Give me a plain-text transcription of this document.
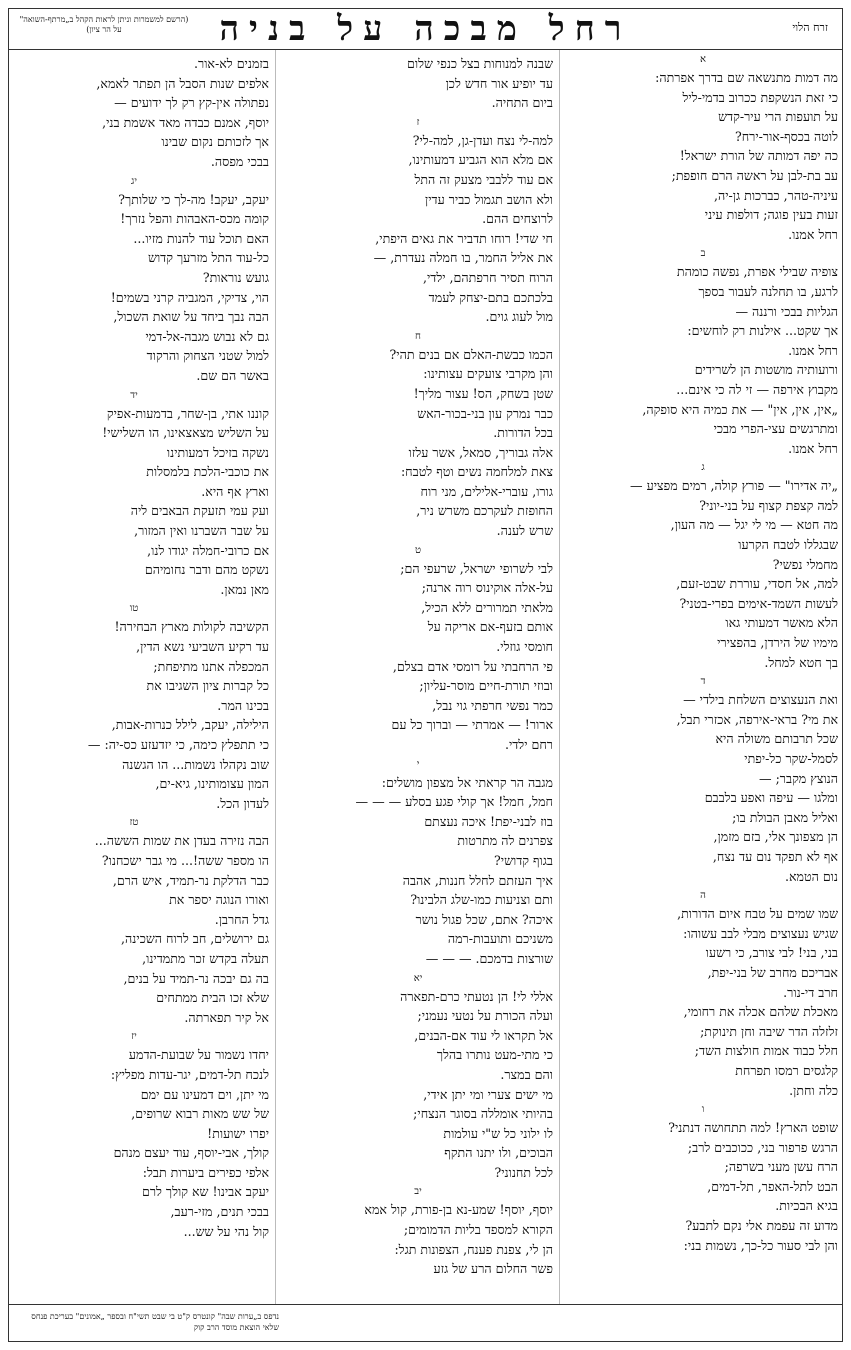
זרח הלוי
רחל מבכה על בניה
(הרשם למשמרות וניתן לראות הקהל ב„מרתף-השואה" על הר ציון)
א
מה דמות מתנשאה שם בדרך אפרתה:
כי זאת הנשקפת ככרוב בדמי-ליל
על תועפות הרי עיר-קדש
לוטה בכסף-אור-ירח?
כה יפה דמותה של הורת ישראל!
עב בת-לבן על ראשה הרם חופפת;
עיניה-טהר, כברכות גן-יה,
זעות בעין פוגה; דולפות עיני
רחל אמנו.
ב
צופיה שבילי אפרת, נפשה כומהת
לרגע, בו תחלנה לעבור בספך
הגליות בבכי ורננה —
אך שקט... אילנות רק לוחשים:
רחל אמנו.
ורועותיה מושטות הן לשרידים
מקבוץ אירפה — זי לה כי אינם...
„אין, אין, אין" — את כמיה היא סופקה,
ומתרגשים עצי-הפרי מבכי
רחל אמנו.
ג
„יה אדירו" — פורץ קולה, רמים מפציע —
למה קצפת קצוף על בני-יוני?
מה חטא — מי לי יגל — מה העון,
שבגללו לטבח הקרעו
מחמלי נפשי?
למה, אל חסדי, עוררת שבט-זעם,
לעשות השמד-אימים בפרי-בטני?
הלא מאשר דמעותי גאו
מימיו של הירדן, בהפצירי
בך חטא למחל.
ד
ואת הנעצוצים השלחת בילדי —
את מי? בראי-אירפה, אכזרי תבל,
שכל תרבותם משולה היא
לסמל-שקר כל-יפתי
הנוצץ מקבר; —
ומלגו — עיפה ואפע בלבבם
ואליל מאבן הבולת בו;
הן מצפונך אלי, בזם מזמן,
אף לא תפקד נום עד נצח,
נום הטמא.
ה
שמו שמים על טבח איום הדורות,
שגיש נעצוצים מבלי לבב עשוהו:
בני, בני! לבי צורב, כי רשעו
אבריכם מחרב של בני-יפת,
חרב די-נור.
מאכלת שלהם אכלה את רחומי,
זלזלה הדר שיבה וחן תינוקת;
חלל כבוד אמות חולצות השד;
קלגסים רמסו תפרחת
כלה וחתן.
ו
שופט הארץ! למה תתחושה דנתני?
הרגש פרפור בני, ככוכבים לרב;
הרח עשן מעני בשרפה;
הבט לתל-האפר, תל-דמים,
בגיא הבכיות.
מדוע זה עפמת אלי נקם לתבע?
והן לבי סעור כל-כך, נשמות בני:
שבנה למנוחות בצל כנפי שלום
עד יופיע אור חדש לכן
ביום התחיה.
ז
למה-לי נצח ועדן-גן, למה-לי?
אם מלא הוא הגביע דמעותינו,
אם עוד ללבבי מצעק זה התל
ולא הושב תגמול כביר עדין
לרוצחים ההם.
חי שדי! רוחו תדביר את גאים היפתי,
את אליל החמר, בו חמלה נעדרת, —
הרוח תסיר חרפתהם, ילדי,
בלכתכם בתם-יצחק לעמד
מול לעוג גוים.
ח
הכמו כבשת-האלם אם בנים תהי?
והן מקרבי צועקים עצותינו:
שטן בשחק, הס! עצור מליך!
כבר נמרק עון בני-בכור-האש
בכל הדורות.
אלה גבוריך, סמאל, אשר עלזו
צאת למלחמה נשים וטף לטבח:
גורו, עוברי-אלילים, מני רוח
החופזת לעקרכם משרש ניר,
שרש לענה.
ט
לבי לשרופי ישראל, שרעפי הם;
על-אלה אוקינוס רוה ארנה;
מלאתי תמרורים ללא הכיל,
אותם בזעף-אם אריקה על
חומסי גוזלי.
פי הרחבתי על רומסי אדם בצלם,
ובוזי תורת-חיים מוסר-עליון;
כמר נפשי חרפתי גוי נבל,
ארור! — אמרתי — וברוך כל עם
רחם ילדי.
י
מגבה הר קראתי אל מצפון מושלים:
חמל, חמל! אך קולי פגע בסלע — — —
בוז לבני-יפת! איכה נעצתם
צפרנים לה מתרטות
בגוף קדושי?
איך העזתם לחלל חננות, אהבה
ותם וצניעות כמו-שלג הלבינו?
איכה? אתם, שכל פגול נושר
משניכם ותועבות-רמה
שורצות בדמכם. — — —
יא
אללי לי! הן נטעתי כרם-תפארה
ועלה הכורת על נטעי נעמני;
אל תקראו לי עוד אם-הבנים,
כי מתי-מעט נותרו בהלך
והם במצר.
מי ישים צערי ומי יתן אידי,
בהיותי אומללה בסוגר הנצחי;
לו ילוני כל ש"י עולמות
הבוכים, ולו יתנו התקף
לכל תחנוני?
יב
יוסף, יוסף! שמע-נא בן-פורת, קול אמא
הקורא למספד בליות הדמומים;
הן לי, צפנת פענח, הצפונות תגל:
פשר החלום הרע של גזע
בזמנים לא-אור.
אלפים שנות הסבל הן תפתר לאמא,
נפתולה אין-קץ רק לך ידועים —
יוסף, אמנם כבדה מאד אשמת בני,
אך לזכותם נקום שבינו
בבכי מפסה.
יג
יעקב, יעקב! מה-לך כי שלותך?
קומה מכס-האבהות והפל נזרך!
האם תוכל עוד להנות מזיו...
כל-עוד התל מזרעך קדוש
גועש נוראות?
הוי, צדיקי, המגביה קרני בשמים!
הבה נבך ביחד על שואת השכול,
גם לא נבוש מגבה-אל-דמי
למול שטני הצחוק והרקוד
באשר הם שם.
יד
קוננו אתי, בן-שחר, בדמעות-אפיק
על השליש מצאצאינו, הו השלישי!
נשקה בזיכל דמעותינו
את כוכבי-הלכת בלמסלות
וארץ אף היא.
ועק עמי תזעקת הבאבים ליה
על שבר השברנו ואין המזור,
אם כרובי-חמלה יגודו לנו,
נשקט מהם ודבר נחומיהם
מאן נמאן.
טו
הקשיבה לקולות מארץ הבחירה!
עד רקיע השביעי נשא הדין,
המכפלה אתנו מתיפחת;
כל קברות ציון השגיבו את
בכינו המר.
הילילה, יעקב, לילל כנרות-אבות,
כי תתפלץ כימה, כי יזדעזע כס-יה: —
שוב נקהלו נשמות... הו הגשנה
המון עצומותינו, גיא-ים,
לעדון הכל.
טז
הבה נזירה בעדן את שמות הששה...
הו מספר ששה!... מי גבר ישכחנו?
כבר הדלקת נר-תמיד, איש הרם,
ואורו הנוגה יספר את
גדל החרבן.
גם ירושלים, חב לרוח השכינה,
תעלה בקדש זכר מתמדינו,
בה גם יבכה נר-תמיד על בנים,
שלא זכו הבית ממתחים
אל קיר תפארתה.
יז
יחדו נשמור על שבועת-הדמע
לנכח תל-דמים, יגר-עדות מפליץ:
מי יתן, וים דמעינו עם ימם
של שש מאות רבוא שרופים,
יפרו ישועות!
קולך, אבי-יוסף, עוד יעצם מנהם
אלפי כפירים ביערות תבל:
יעקב אבינו! שא קולך לרם
בבכי תנים, מזי-רעב,
קול נהי על שש...
נדפס ב„ערות שבה" קונטרס ק"ט בי שבט תשי"ח ובספר „אמונים" בעריכת פנחס שלאי הוצאת מוסד הרב קוק
